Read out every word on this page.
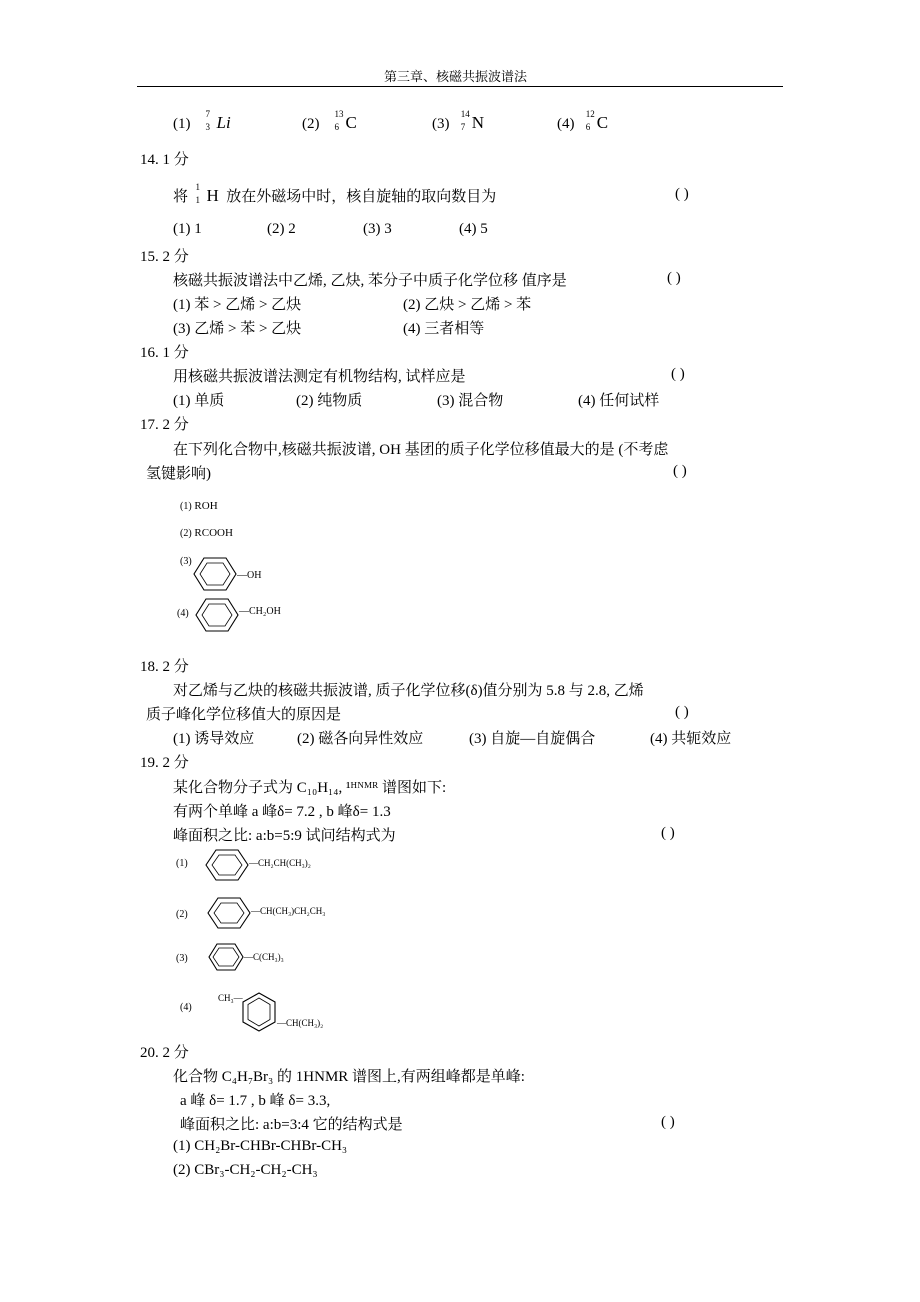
第三章、核磁共振波谱法
(1)
7
3 Li	(2)
13
6 C	(3)
14
7 N	(4)
12
6 C
14. 1 分
将
1
1 H 放在外磁场中时，核自旋轴的取向数目为	( )
(1) 1	(2) 2	(3) 3	(4) 5
15. 2 分
核磁共振波谱法中乙烯, 乙炔, 苯分子中质子化学位移 值序是	( )
(1) 苯 > 乙烯 > 乙炔	(2) 乙炔 > 乙烯 > 苯
(3) 乙烯 > 苯 > 乙炔	(4) 三者相等
16. 1 分
用核磁共振波谱法测定有机物结构, 试样应是	( )
(1) 单质	(2) 纯物质	(3) 混合物	(4) 任何试样
17. 2 分
在下列化合物中,核磁共振波谱, OH 基团的质子化学位移值最大的是 (不考虑
氢键影响)	( )
(1) ROH
(2) RCOOH
(3)
—OH
(4)	—CH₂OH
18. 2 分
对乙烯与乙炔的核磁共振波谱, 质子化学位移(δ)值分别为 5.8 与 2.8, 乙烯
质子峰化学位移值大的原因是	( )
(1) 诱导效应	(2) 磁各向异性效应	(3) 自旋—自旋偶合	(4) 共轭效应
19. 2 分
某化合物分子式为 C₁₀H₁₄, ¹ᴴᴺᴹᴿ 谱图如下:
有两个单峰 a 峰δ= 7.2 , b 峰δ= 1.3
峰面积之比: a:b=5:9 试问结构式为	( )
(1)	—CH₂CH(CH₃)₂
(2)	—CH(CH₃)CH₂CH₃
(3)	—C(CH₃)₃
(4)
CH₃—
—CH(CH₃)₂
20. 2 分
化合物 C₄H₇Br₃ 的 1HNMR 谱图上,有两组峰都是单峰:
a 峰 δ= 1.7 , b 峰 δ= 3.3,
峰面积之比: a:b=3:4 它的结构式是	( )
(1) CH₂Br-CHBr-CHBr-CH₃
(2) CBr₃-CH₂-CH₂-CH₃
